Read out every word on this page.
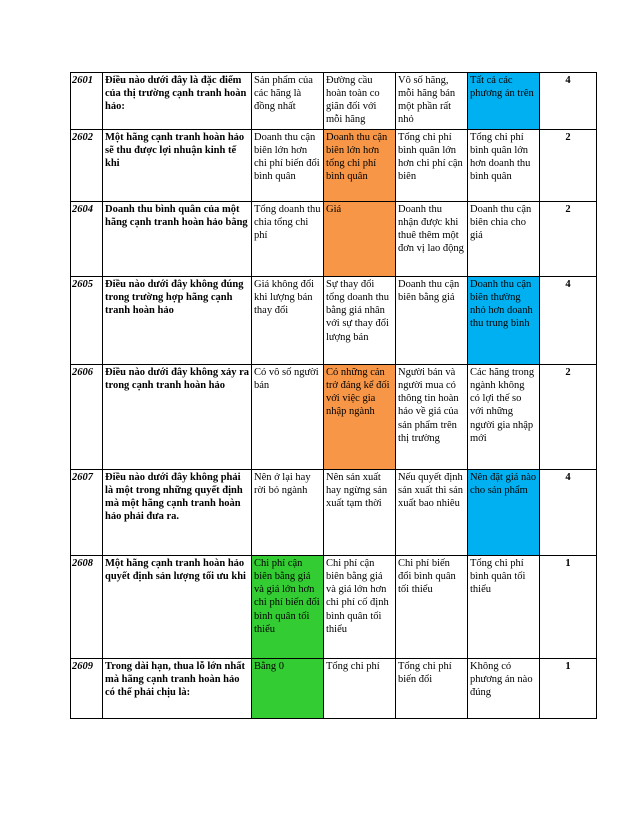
2601	Điều nào dưới đây là đặc điểm của thị trường cạnh tranh hoàn hảo:	Sản phẩm của các hãng là đồng nhất	Đường cầu hoàn toàn co giãn đối với mỗi hãng	Vô số hãng, mỗi hãng bán một phần rất nhỏ	Tất cả các phương án trên	4
2602	Một hãng cạnh tranh hoàn hảo sẽ thu được lợi nhuận kinh tế khi	Doanh thu cận biên lớn hơn chi phí biến đổi bình quân	Doanh thu cận biên lớn hơn tổng chi phí bình quân	Tổng chi phí bình quân lớn hơn chi phí cận biên	Tổng chi phí bình quân lớn hơn doanh thu bình quân	2
2604	Doanh thu bình quân của một hãng cạnh tranh hoàn hảo bằng	Tổng doanh thu chia tổng chi phí	Giá	Doanh thu nhận được khi thuê thêm một đơn vị lao động	Doanh thu cận biên chia cho giá	2
2605	Điều nào dưới đây không đúng trong trường hợp hãng cạnh tranh hoàn hảo	Giá không đổi khi lượng bán thay đổi	Sự thay đổi tổng doanh thu bằng giá nhân với sự thay đổi lượng bán	Doanh thu cận biên bằng giá	Doanh thu cận biên thường nhỏ hơn doanh thu trung bình	4
2606	Điều nào dưới đây không xảy ra trong cạnh tranh hoàn hảo	Có vô số người bán	Có những cản trở đáng kể đối với việc gia nhập ngành	Người bán và người mua có thông tin hoàn hảo về giá của sản phẩm trên thị trường	Các hãng trong ngành không có lợi thế so với những người gia nhập mới	2
2607	Điều nào dưới đây không phải là một trong những quyết định mà một hãng cạnh tranh hoàn hảo phải đưa ra.	Nên ở lại hay rời bỏ ngành	Nên sản xuất hay ngừng sản xuất tạm thời	Nếu quyết định sản xuất thì sản xuất bao nhiêu	Nên đặt giá nào cho sản phẩm	4
2608	Một hãng cạnh tranh hoàn hảo quyết định sản lượng tối ưu khi	Chi phí cận biên bằng giá và giá lớn hơn chi phí biến đổi bình quân tối thiểu	Chi phí cận biên bằng giá và giá lớn hơn chi phí cố định bình quân tối thiểu	Chi phí biến đổi bình quân tối thiểu	Tổng chi phí bình quân tối thiểu	1
2609	Trong dài hạn, thua lỗ lớn nhất mà hãng cạnh tranh hoàn hảo có thể phải chịu là:	Bằng 0	Tổng chi phí	Tổng chi phí biến đổi	Không có phương án nào đúng	1
